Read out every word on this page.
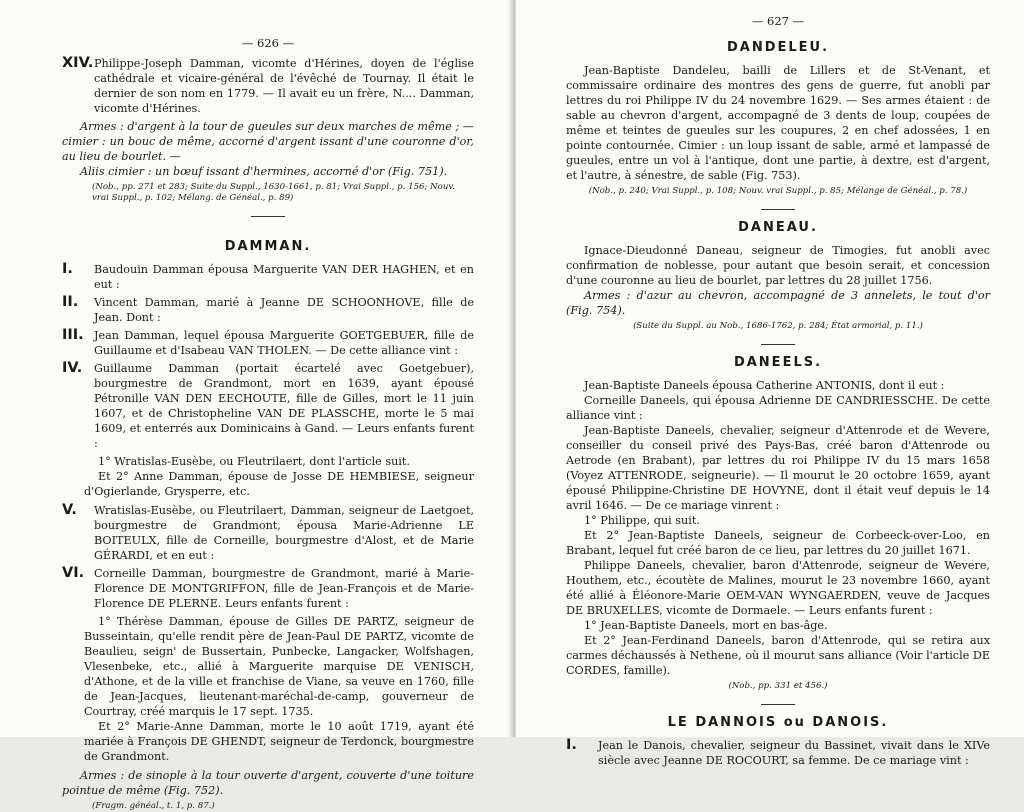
— 626 —
XIV. Philippe-Joseph Damman, vicomte d'Hérines, doyen de l'église cathédrale et vicaire-général de l'évêché de Tournay. Il était le dernier de son nom en 1779. — Il avait eu un frère, N.... Damman, vicomte d'Hérines.

Armes : d'argent à la tour de gueules sur deux marches de même ; — cimier : un bouc de même, accorné d'argent issant d'une couronne d'or, au lieu de bourlet. —

Aliis cimier : un bœuf issant d'hermines, accorné d'or (Fig. 751).

(Nob., pp. 271 et 283; Suite du Suppl., 1630-1661, p. 81; Vrai Suppl., p. 156; Nouv. vrai Suppl., p. 102; Mélang. de Généal., p. 89)
DAMMAN.
I.	Baudouin Damman épousa Marguerite VAN DER HAGHEN, et en eut :
II.	Vincent Damman, marié à Jeanne DE SCHOONHOVE, fille de Jean. Dont :
III. Jean Damman, lequel épousa Marguerite GOETGEBUER, fille de Guillaume et d'Isabeau VAN THOLEN. — De cette alliance vint :
IV.	Guillaume Damman (portait écartelé avec Goetgebuer), bourgmestre de Grandmont, mort en 1639, ayant épousé Pétronille VAN DEN EECHOUTE, fille de Gilles, mort le 11 juin 1607, et de Christopheline VAN DE PLASSCHE, morte le 5 mai 1609, et enterrés aux Dominicains à Gand. — Leurs enfants furent :

1° Wratislas-Eusèbe, ou Fleutrilaert, dont l'article suit.

Et 2° Anne Damman, épouse de Josse DE HEMBIESE, seigneur d'Ogierlande, Grysperre, etc.

V.	Wratislas-Eusèbe, ou Fleutrilaert, Damman, seigneur de Laetgoet, bourgmestre de Grandmont, épousa Marie-Adrienne LE BOITEULX, fille de Corneille, bourgmestre d'Alost, et de Marie GÉRARDI, et en eut :
VI. Corneille Damman, bourgmestre de Grandmont, marié à Marie-Florence DE MONTGRIFFON, fille de Jean-François et de Marie-Florence DE PLERNE. Leurs enfants furent :

1° Thérèse Damman, épouse de Gilles DE PARTZ, seigneur de Busseintain, qu'elle rendit père de Jean-Paul DE PARTZ, vicomte de Beaulieu, seign' de Bussertain, Punbecke, Langacker, Wolfshagen, Vlesenbeke, etc., allié à Marguerite marquise DE VENISCH, d'Athone, et de la ville et franchise de Viane, sa veuve en 1760, fille de Jean-Jacques, lieutenant-maréchal-de-camp, gouverneur de Courtray, créé marquis le 17 sept. 1735.

Et 2° Marie-Anne Damman, morte le 10 août 1719, ayant été mariée à François DE GHENDT, seigneur de Terdonck, bourgmestre de Grandmont.

Armes : de sinople à la tour ouverte d'argent, couverte d'une toiture pointue de même (Fig. 752).

(Fragm. généal., t. 1, p. 87.)
— 627 —
DANDELEU.

Jean-Baptiste Dandeleu, bailli de Lillers et de St-Venant, et commissaire ordinaire des montres des gens de guerre, fut anobli par lettres du roi Philippe IV du 24 novembre 1629. — Ses armes étaient : de sable au chevron d'argent, accompagné de 3 dents de loup, coupées de même et teintes de gueules sur les coupures, 2 en chef adossées, 1 en pointe contournée. Cimier : un loup issant de sable, armé et lampassé de gueules, entre un vol à l'antique, dont une partie, à dextre, est d'argent, et l'autre, à sénestre, de sable (Fig. 753).

(Nob., p. 240; Vrai Suppl., p. 108; Nouv. vrai Suppl., p. 85; Mélange de Généal., p. 78.)
DANEAU.

Ignace-Dieudonné Daneau, seigneur de Timogies, fut anobli avec confirmation de noblesse, pour autant que besoin serait, et concession d'une couronne au lieu de bourlet, par lettres du 28 juillet 1756.

Armes : d'azur au chevron, accompagné de 3 annelets, le tout d'or (Fig. 754).

(Suite du Suppl. au Nob., 1686-1762, p. 284; État armorial, p. 11.)
DANEELS.

Jean-Baptiste Daneels épousa Catherine ANTONIS, dont il eut :

Corneille Daneels, qui épousa Adrienne DE CANDRIESSCHE. De cette alliance vint :

Jean-Baptiste Daneels, chevalier, seigneur d'Attenrode et de Wevere, conseiller du conseil privé des Pays-Bas, créé baron d'Attenrode ou Aetrode (en Brabant), par lettres du roi Philippe IV du 15 mars 1658 (Voyez ATTENRODE, seigneurie). — Il mourut le 20 octobre 1659, ayant épousé Philippine-Christine DE HOVYNE, dont il était veuf depuis le 14 avril 1646. — De ce mariage vinrent :

1° Philippe, qui suit.

Et 2° Jean-Baptiste Daneels, seigneur de Corbeeck-over-Loo, en Brabant, lequel fut créé baron de ce lieu, par lettres du 20 juillet 1671.

Philippe Daneels, chevalier, baron d'Attenrode, seigneur de Wevere, Houthem, etc., écoutète de Malines, mourut le 23 novembre 1660, ayant été allié à Éléonore-Marie OEM-VAN WYNGAERDEN, veuve de Jacques DE BRUXELLES, vicomte de Dormaele. — Leurs enfants furent :

1° Jean-Baptiste Daneels, mort en bas-âge.

Et 2° Jean-Ferdinand Daneels, baron d'Attenrode, qui se retira aux carmes déchaussés à Nethene, où il mourut sans alliance (Voir l'article DE CORDES, famille).

(Nob., pp. 331 et 456.)
LE DANNOIS ou DANOIS.
I.	Jean le Danois, chevalier, seigneur du Bassinet, vivait dans le XIVe siècle avec Jeanne DE ROCOURT, sa femme. De ce mariage vint :
